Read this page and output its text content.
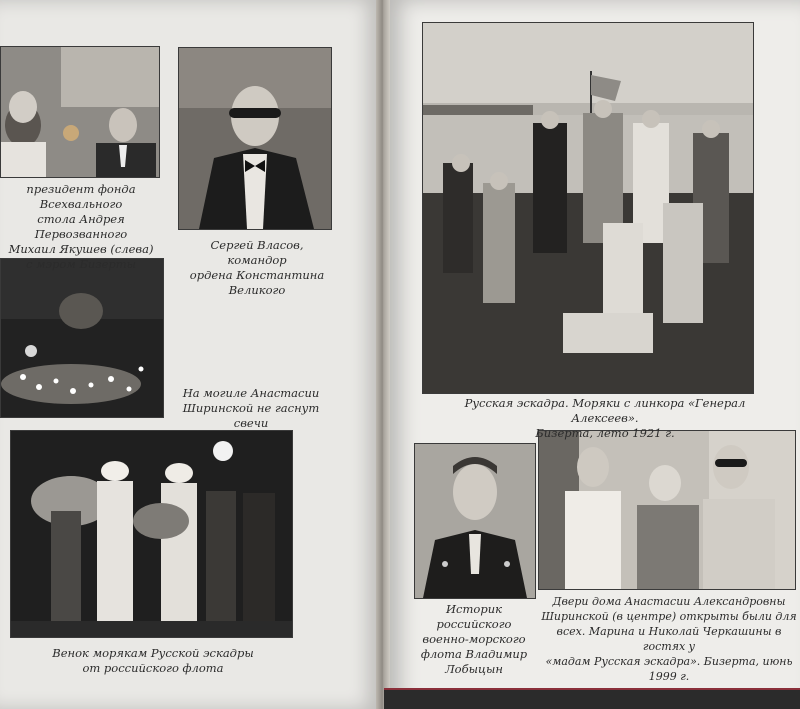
президент фонда Всехвального
стола Андрея Первозванного
Михаил Якушев (слева)
с мэром Бизерты
Сергей Власов, командор
ордена Константина
Великого
На могиле Анастасии
Ширинской не гаснут свечи
Венок морякам Русской эскадры
от российского флота
Русская эскадра. Моряки с линкора «Генерал Алексеев».
Бизерта, лето 1921 г.
Историк российского
военно-морского
флота Владимир
Лобыцын
Двери дома Анастасии Александровны
Ширинской (в центре) открыты были для
всех. Марина и Николай Черкашины в гостях у
«мадам Русская эскадра». Бизерта, июнь 1999 г.
